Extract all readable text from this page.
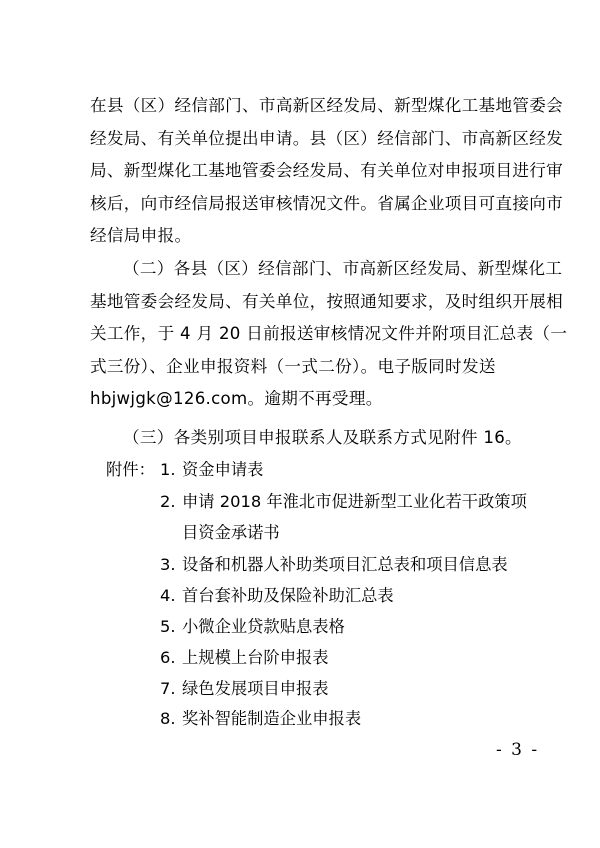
在县（区）经信部门、市高新区经发局、新型煤化工基地管委会
经发局、有关单位提出申请。县（区）经信部门、市高新区经发
局、新型煤化工基地管委会经发局、有关单位对申报项目进行审
核后，向市经信局报送审核情况文件。省属企业项目可直接向市
经信局申报。
（二）各县（区）经信部门、市高新区经发局、新型煤化工
基地管委会经发局、有关单位，按照通知要求，及时组织开展相
关工作，于 4 月 20 日前报送审核情况文件并附项目汇总表（一
式三份）、企业申报资料（一式二份）。电子版同时发送
hbjwjgk@126.com。逾期不再受理。
（三）各类别项目申报联系人及联系方式见附件 16。
附件： 1. 资金申请表
2. 申请 2018 年淮北市促进新型工业化若干政策项
目资金承诺书
3. 设备和机器人补助类项目汇总表和项目信息表
4. 首台套补助及保险补助汇总表
5. 小微企业贷款贴息表格
6. 上规模上台阶申报表
7. 绿色发展项目申报表
8. 奖补智能制造企业申报表
- 3 -
